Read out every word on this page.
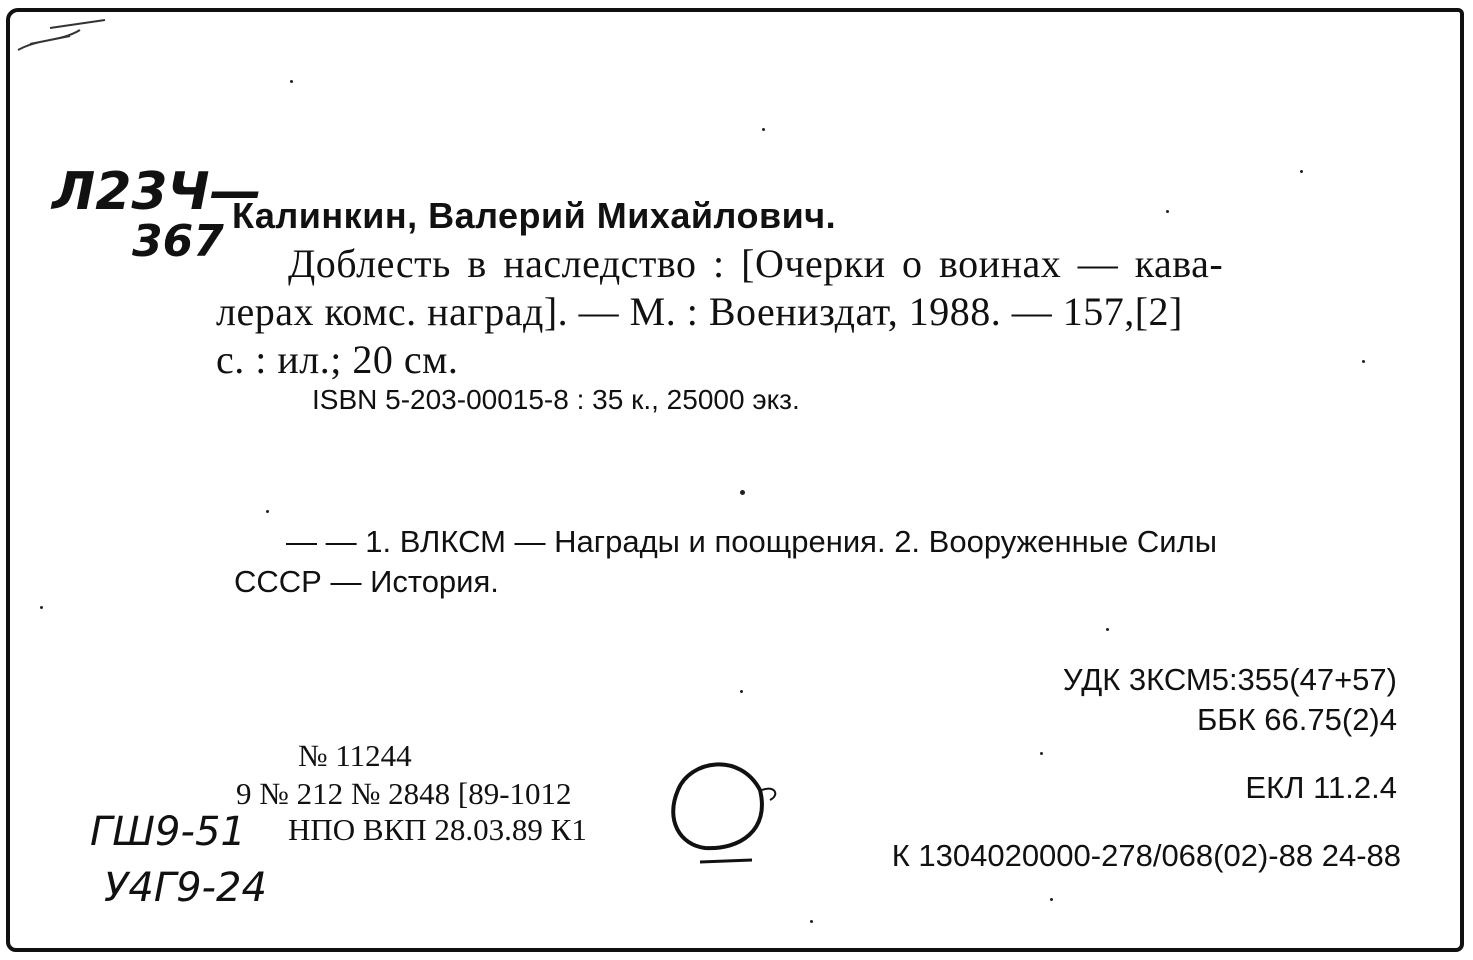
Л23Ч—
367
Калинкин, Валерий Михайлович.
Доблесть в наследство : [Очерки о воинах — кава-
лерах комс. наград]. — М. : Воениздат, 1988. — 157,[2]
с. : ил.; 20 см.
ISBN 5-203-00015-8 : 35 к., 25000 экз.
— — 1. ВЛКСМ — Награды и поощрения. 2. Вооруженные Силы
СССР — История.
УДК 3КСМ5:355(47+57)
ББК 66.75(2)4
ЕКЛ 11.2.4
К 1304020000-278/068(02)-88 24-88
№ 11244
9 № 212 № 2848 [89-1012
НПО ВКП 28.03.89 К1
ГШ9-51
У4Г9-24
